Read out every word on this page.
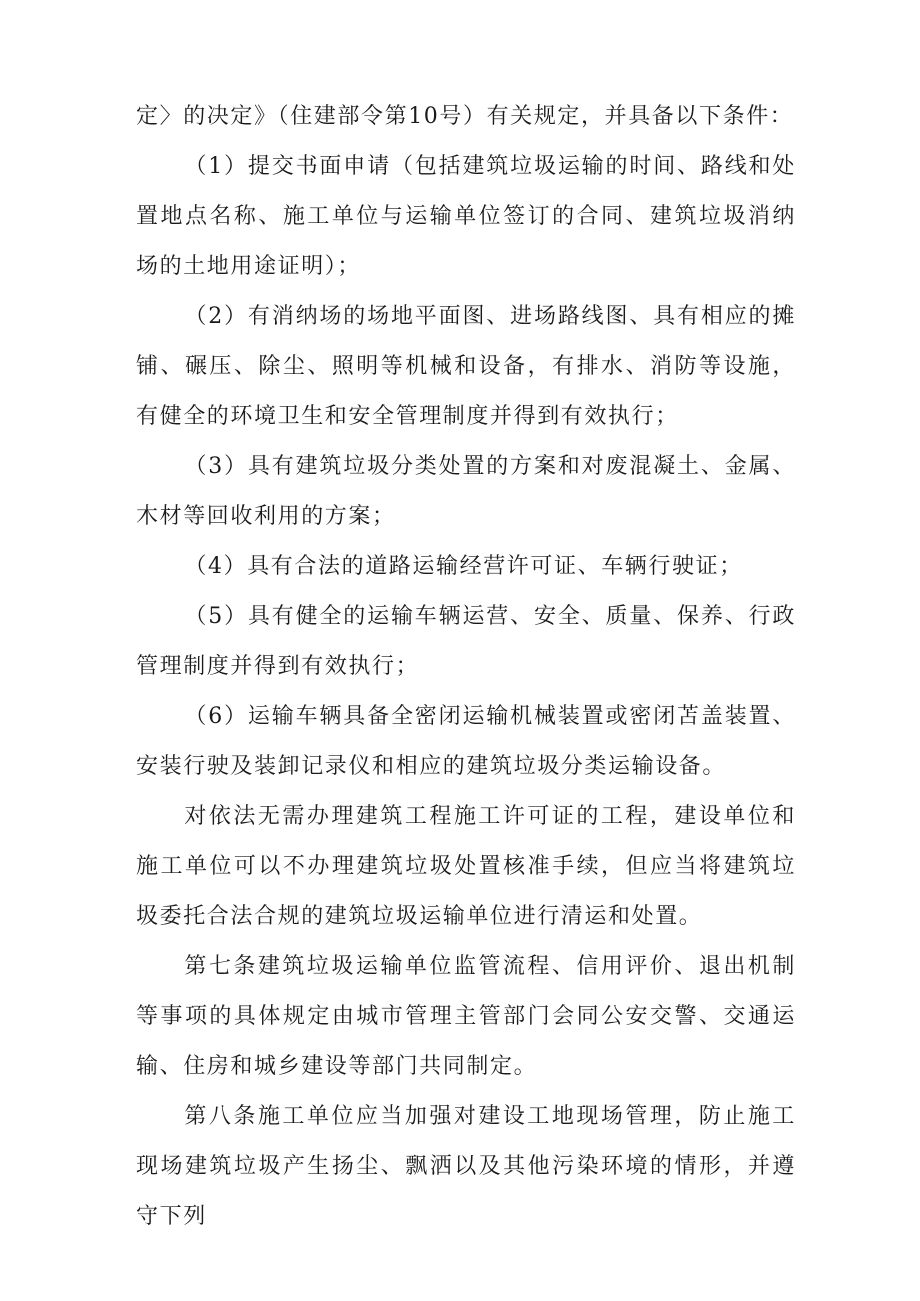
定〉的决定》（住建部令第10号）有关规定，并具备以下条件：

（1）提交书面申请（包括建筑垃圾运输的时间、路线和处置地点名称、施工单位与运输单位签订的合同、建筑垃圾消纳场的土地用途证明）；

（2）有消纳场的场地平面图、进场路线图、具有相应的摊铺、碾压、除尘、照明等机械和设备，有排水、消防等设施，有健全的环境卫生和安全管理制度并得到有效执行；

（3）具有建筑垃圾分类处置的方案和对废混凝土、金属、木材等回收利用的方案；

（4）具有合法的道路运输经营许可证、车辆行驶证；

（5）具有健全的运输车辆运营、安全、质量、保养、行政管理制度并得到有效执行；

（6）运输车辆具备全密闭运输机械装置或密闭苫盖装置、安装行驶及装卸记录仪和相应的建筑垃圾分类运输设备。

对依法无需办理建筑工程施工许可证的工程，建设单位和施工单位可以不办理建筑垃圾处置核准手续，但应当将建筑垃圾委托合法合规的建筑垃圾运输单位进行清运和处置。

第七条建筑垃圾运输单位监管流程、信用评价、退出机制等事项的具体规定由城市管理主管部门会同公安交警、交通运输、住房和城乡建设等部门共同制定。

第八条施工单位应当加强对建设工地现场管理，防止施工现场建筑垃圾产生扬尘、飘洒以及其他污染环境的情形，并遵守下列
